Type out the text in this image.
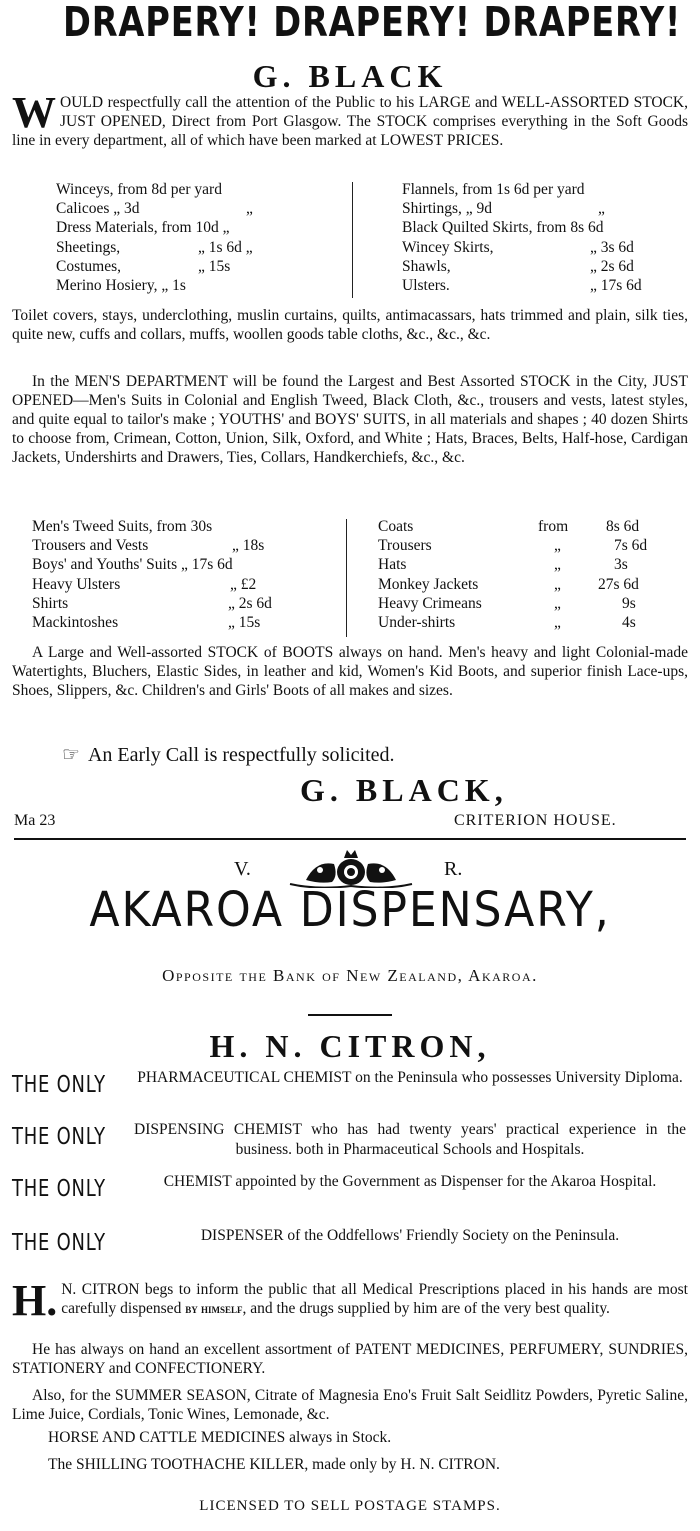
DRAPERY! DRAPERY! DRAPERY!
G. BLACK
WOULD respectfully call the attention of the Public to his LARGE and WELL-ASSORTED STOCK, JUST OPENED, Direct from Port Glasgow. The STOCK comprises everything in the Soft Goods line in every department, all of which have been marked at LOWEST PRICES.
Winceys, from 8d per yard
Calicoes „ 3d	„
Dress Materials, from 10d „
Sheetings,	„ 1s 6d „
Costumes,	„ 15s
Merino Hosiery, „ 1s
Flannels, from 1s 6d per yard
Shirtings, „ 9d	„
Black Quilted Skirts, from 8s 6d
Wincey Skirts,	„ 3s 6d
Shawls,	„ 2s 6d
Ulsters.	„ 17s 6d
Toilet covers, stays, underclothing, muslin curtains, quilts, antimacassars, hats trimmed and plain, silk ties, quite new, cuffs and collars, muffs, woollen goods table cloths, &c., &c., &c.
In the MEN'S DEPARTMENT will be found the Largest and Best Assorted STOCK in the City, JUST OPENED—Men's Suits in Colonial and English Tweed, Black Cloth, &c., trousers and vests, latest styles, and quite equal to tailor's make ; YOUTHS' and BOYS' SUITS, in all materials and shapes ; 40 dozen Shirts to choose from, Crimean, Cotton, Union, Silk, Oxford, and White ; Hats, Braces, Belts, Half-hose, Cardigan Jackets, Undershirts and Drawers, Ties, Collars, Handkerchiefs, &c., &c.
Men's Tweed Suits, from 30s
Trousers and Vests	„ 18s
Boys' and Youths' Suits „ 17s 6d
Heavy Ulsters	„ £2
Shirts	„ 2s 6d
Mackintoshes	„ 15s
Coats	from 8s 6d
Trousers	„	7s 6d
Hats	„	3s
Monkey Jackets	„ 27s 6d
Heavy Crimeans	„	9s
Under-shirts	„	4s
A Large and Well-assorted STOCK of BOOTS always on hand. Men's heavy and light Colonial-made Watertights, Bluchers, Elastic Sides, in leather and kid, Women's Kid Boots, and superior finish Lace-ups, Shoes, Slippers, &c. Children's and Girls' Boots of all makes and sizes.
☞ An Early Call is respectfully solicited.
G. BLACK,
Ma 23	CRITERION HOUSE.
V.	R.
AKAROA DISPENSARY,
Opposite the Bank of New Zealand, Akaroa.
H. N. CITRON,
THE ONLY PHARMACEUTICAL CHEMIST on the Peninsula who possesses University Diploma.
THE ONLY DISPENSING CHEMIST who has had twenty years' practical experience in the business. both in Pharmaceutical Schools and Hospitals.
THE ONLY	CHEMIST appointed by the Government as Dispenser for the Akaroa Hospital.
THE ONLY	DISPENSER of the Oddfellows' Friendly Society on the Peninsula.
H. N. CITRON begs to inform the public that all Medical Prescriptions placed in his hands are most carefully dispensed by himself, and the drugs supplied by him are of the very best quality.
He has always on hand an excellent assortment of PATENT MEDICINES, PERFUMERY, SUNDRIES, STATIONERY and CONFECTIONERY.
Also, for the SUMMER SEASON, Citrate of Magnesia Eno's Fruit Salt Seidlitz Powders, Pyretic Saline, Lime Juice, Cordials, Tonic Wines, Lemonade, &c.
HORSE AND CATTLE MEDICINES always in Stock.
The SHILLING TOOTHACHE KILLER, made only by H. N. CITRON.
LICENSED TO SELL POSTAGE STAMPS.
